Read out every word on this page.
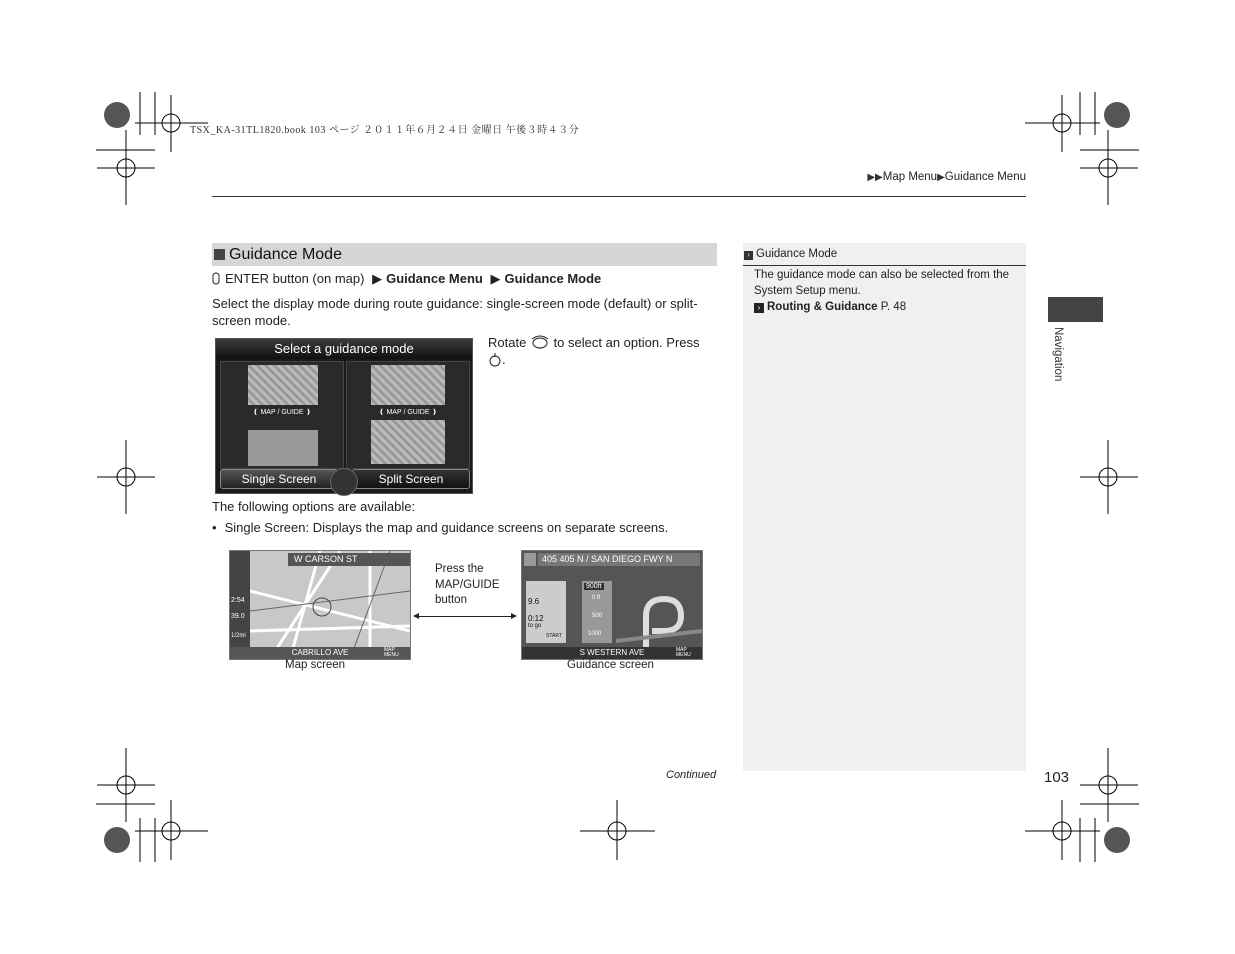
TSX_KA-31TL1820.book 103 ページ ２０１１年６月２４日 金曜日 午後３時４３分
▶▶Map Menu▶Guidance Menu
Guidance Mode
ENTER button (on map) ▶ Guidance Menu ▶ Guidance Mode
Select the display mode during route guidance: single-screen mode (default) or split-screen mode.
Select a guidance mode
❪ MAP / GUIDE ❫	❪ MAP / GUIDE ❫
Single Screen	Split Screen
Rotate to select an option. Press
.
The following options are available:
• Single Screen: Displays the map and guidance screens on separate screens.
2:54
39.0
1/2mi
W CARSON ST
CABRILLO AVE	MAP MENU
Map screen
Press the MAP/GUIDE button
405 405 N / SAN DIEGO FWY N
9.6
0:12
to go
START
900ft
0 ft
500
1000
S WESTERN AVE	MAP MENU
Guidance screen
› Guidance Mode
The guidance mode can also be selected from the System Setup menu.
› Routing & Guidance P. 48
Navigation
Continued	103
